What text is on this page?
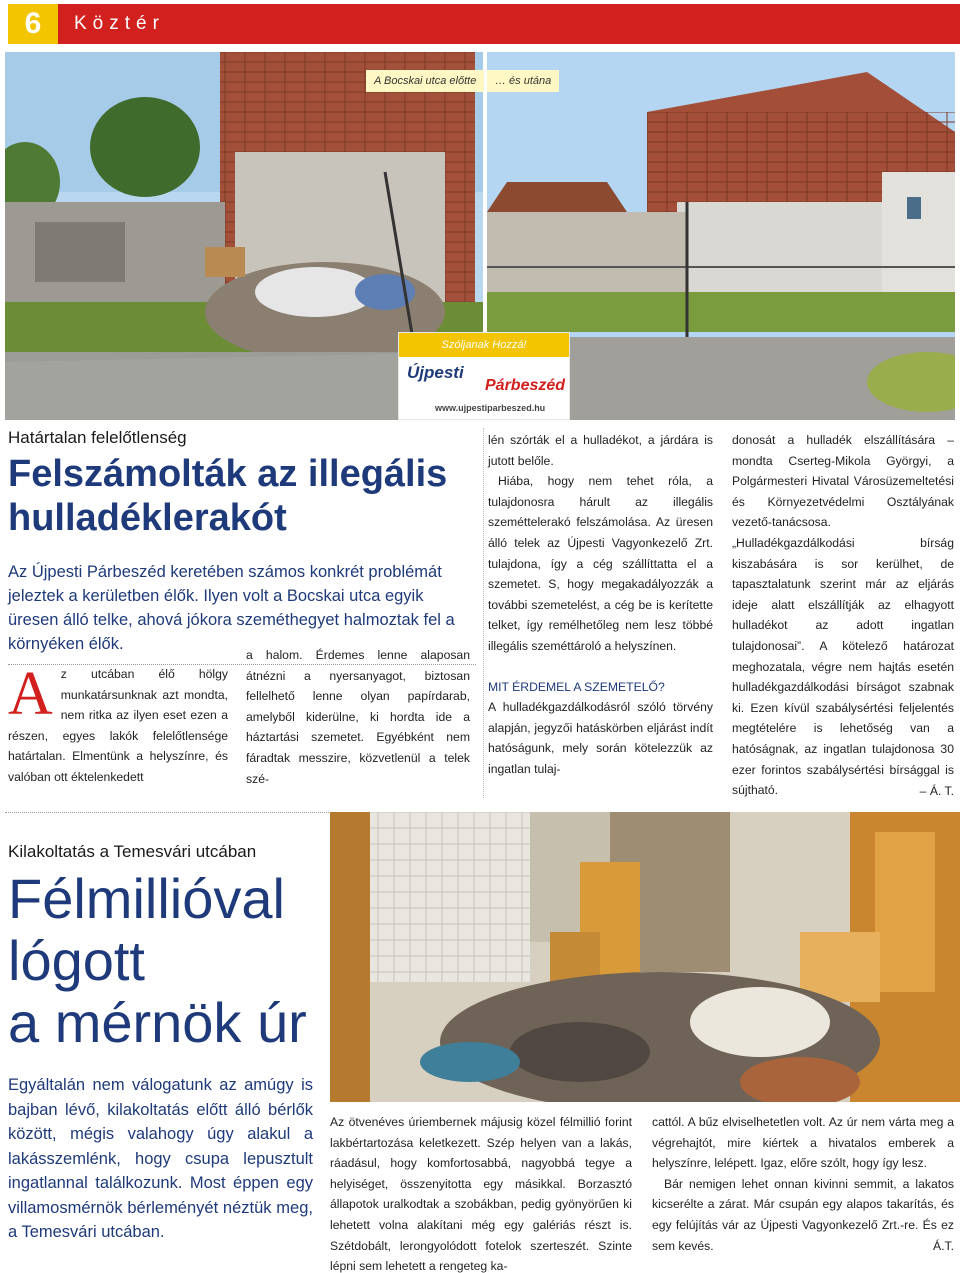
6	Köztér
A Bocskai utca előtte	… és utána
Szóljanak Hozzá!
Újpesti
Párbeszéd
www.ujpestiparbeszed.hu
Határtalan felelőtlenség
Felszámolták az illegális hulladéklerakót

Az Újpesti Párbeszéd keretében számos konkrét problémát jeleztek a kerületben élők. Ilyen volt a Bocskai utca egyik üresen álló telke, ahová jókora szeméthegyet halmoztak fel a környéken élők.

Az utcában élő hölgy munkatársunknak azt mondta, nem ritka az ilyen eset ezen a részen, egyes lakók felelőtlensége határtalan. Elmentünk a helyszínre, és valóban ott éktelenkedett

a halom. Érdemes lenne alaposan átnézni a nyersanyagot, biztosan fellelhető lenne olyan papírdarab, amelyből kiderülne, ki hordta ide a háztartási szemetet. Egyébként nem fáradtak messzire, közvetlenül a telek szé-

lén szórták el a hulladékot, a járdára is jutott belőle.

Hiába, hogy nem tehet róla, a tulajdonosra hárult az illegális szeméttelerakó felszámolása. Az üresen álló telek az Újpesti Vagyonkezelő Zrt. tulajdona, így a cég szállíttatta el a szemetet. S, hogy megakadályozzák a további szemetelést, a cég be is kerítette telket, így remélhetőleg nem lesz többé illegális szeméttároló a helyszínen.

MIT ÉRDEMEL A SZEMETELŐ?

A hulladékgazdálkodásról szóló törvény alapján, jegyzői hatáskörben eljárást indít hatóságunk, mely során kötelezzük az ingatlan tulaj-

donosát a hulladék elszállítására – mondta Cserteg-Mikola Györgyi, a Polgármesteri Hivatal Városüzemeltetési és Környezetvédelmi Osztályának vezető-tanácsosa. „Hulladékgazdálkodási bírság kiszabására is sor kerülhet, de tapasztalatunk szerint már az eljárás ideje alatt elszállítják az elhagyott hulladékot az adott ingatlan tulajdonosai”. A kötelező határozat meghozatala, végre nem hajtás esetén hulladékgazdálkodási bírságot szabnak ki. Ezen kívül szabálysértési feljelentés megtételére is lehetőség van a hatóságnak, az ingatlan tulajdonosa 30 ezer forintos szabálysértési bírsággal is sújtható.	– Á. T.

Kilakoltatás a Temesvári utcában
Félmillióval
lógott
a mérnök úr

Egyáltalán nem válogatunk az amúgy is bajban lévő, kilakoltatás előtt álló bérlők között, mégis valahogy úgy alakul a lakásszemlénk, hogy csupa lepusztult ingatlannal találkozunk. Most éppen egy villamosmérnök bérleményét néztük meg, a Temesvári utcában.

Az ötvenéves úriembernek májusig közel félmillió forint lakbértartozása keletkezett. Szép helyen van a lakás, ráadásul, hogy komfortosabbá, nagyobbá tegye a helyiséget, összenyitotta egy másikkal. Borzasztó állapotok uralkodtak a szobákban, pedig gyönyörűen ki lehetett volna alakítani még egy galériás részt is. Szétdobált, lerongyolódott fotelok szerteszét. Szinte lépni sem lehetett a rengeteg ka-

cattól. A bűz elviselhetetlen volt. Az úr nem várta meg a végrehajtót, mire kiértek a hivatalos emberek a helyszínre, lelépett. Igaz, előre szólt, hogy így lesz.

Bár nemigen lehet onnan kivinni semmit, a lakatos kicserélte a zárat. Már csupán egy alapos takarítás, és egy felújítás vár az Újpesti Vagyonkezelő Zrt.-re. És ez sem kevés.	Á.T.
